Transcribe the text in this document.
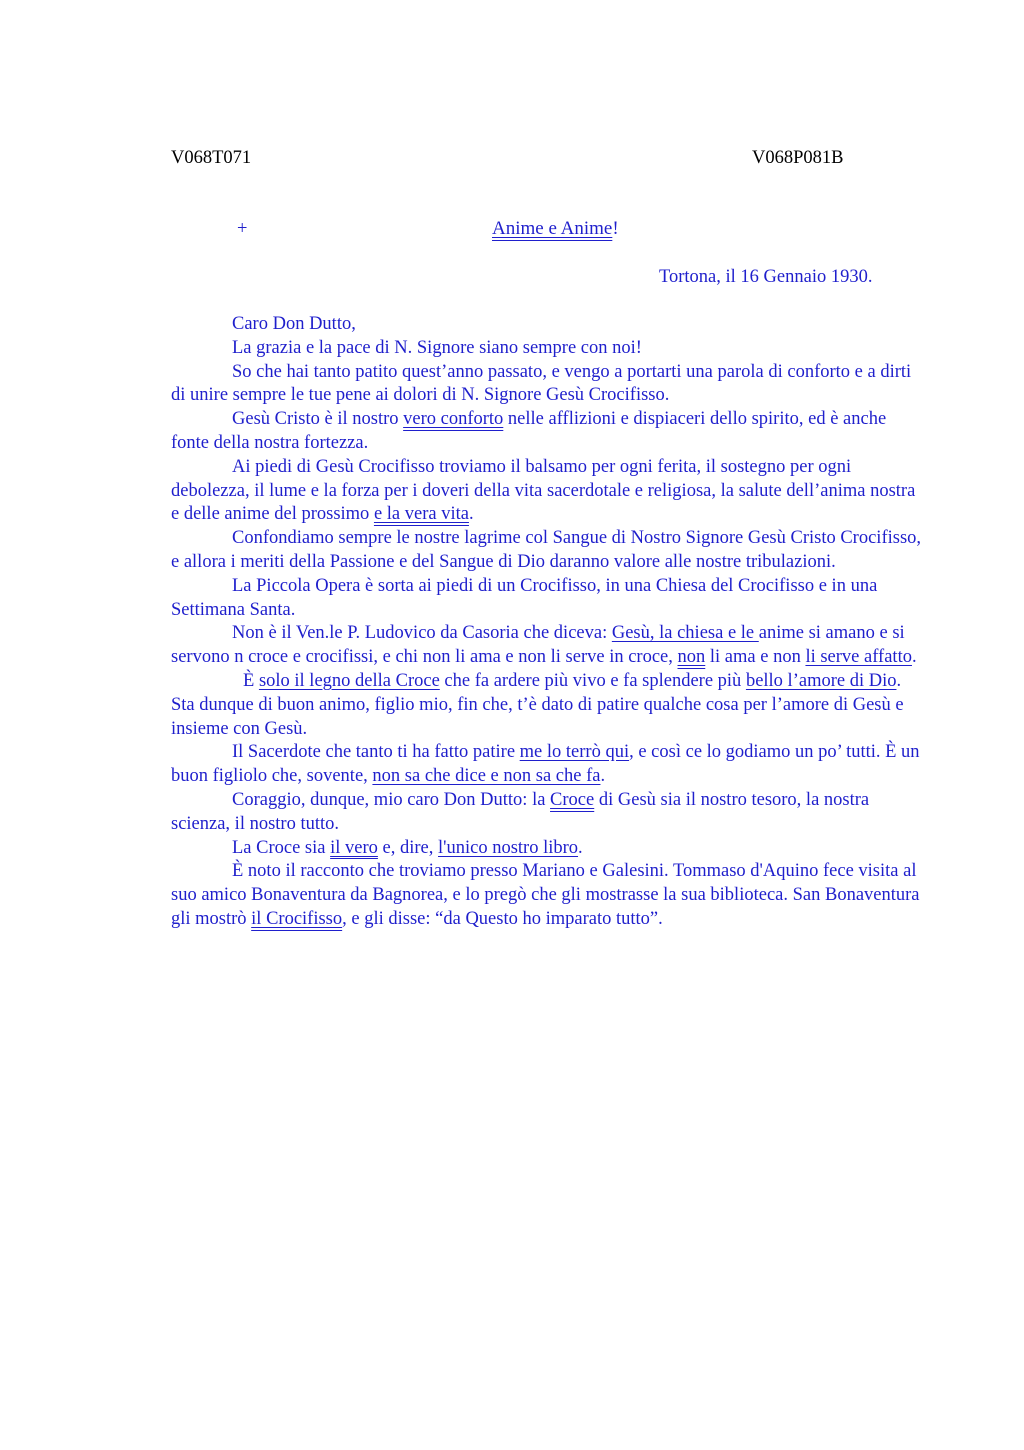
V068T071	V068P081B
+	Anime e Anime!
Tortona, il 16 Gennaio 1930.

Caro Don Dutto,

La grazia e la pace di N. Signore siano sempre con noi!

So che hai tanto patito quest’anno passato, e vengo a portarti una parola di conforto e a dirti di unire sempre le tue pene ai dolori di N. Signore Gesù Crocifisso.

Gesù Cristo è il nostro vero conforto nelle afflizioni e dispiaceri dello spirito, ed è anche fonte della nostra fortezza.

Ai piedi di Gesù Crocifisso troviamo il balsamo per ogni ferita, il sostegno per ogni debolezza, il lume e la forza per i doveri della vita sacerdotale e religiosa, la salute dell’anima nostra e delle anime del prossimo e la vera vita.

Confondiamo sempre le nostre lagrime col Sangue di Nostro Signore Gesù Cristo Crocifisso, e allora i meriti della Passione e del Sangue di Dio daranno valore alle nostre tribulazioni.

La Piccola Opera è sorta ai piedi di un Crocifisso, in una Chiesa del Crocifisso e in una Settimana Santa.

Non è il Ven.le P. Ludovico da Casoria che diceva: Gesù, la chiesa e le anime si amano e si servono n croce e crocifissi, e chi non li ama e non li serve in croce, non li ama e non li serve affatto.

È solo il legno della Croce che fa ardere più vivo e fa splendere più bello l’amore di Dio. Sta dunque di buon animo, figlio mio, fin che, t’è dato di patire qualche cosa per l’amore di Gesù e insieme con Gesù.

Il Sacerdote che tanto ti ha fatto patire me lo terrò qui, e così ce lo godiamo un po’ tutti. È un buon figliolo che, sovente, non sa che dice e non sa che fa.

Coraggio, dunque, mio caro Don Dutto: la Croce di Gesù sia il nostro tesoro, la nostra scienza, il nostro tutto.

La Croce sia il vero e, dire, l'unico nostro libro.

È noto il racconto che troviamo presso Mariano e Galesini. Tommaso d'Aquino fece visita al suo amico Bonaventura da Bagnorea, e lo pregò che gli mostrasse la sua biblioteca. San Bonaventura gli mostrò il Crocifisso, e gli disse: “da Questo ho imparato tutto”.
